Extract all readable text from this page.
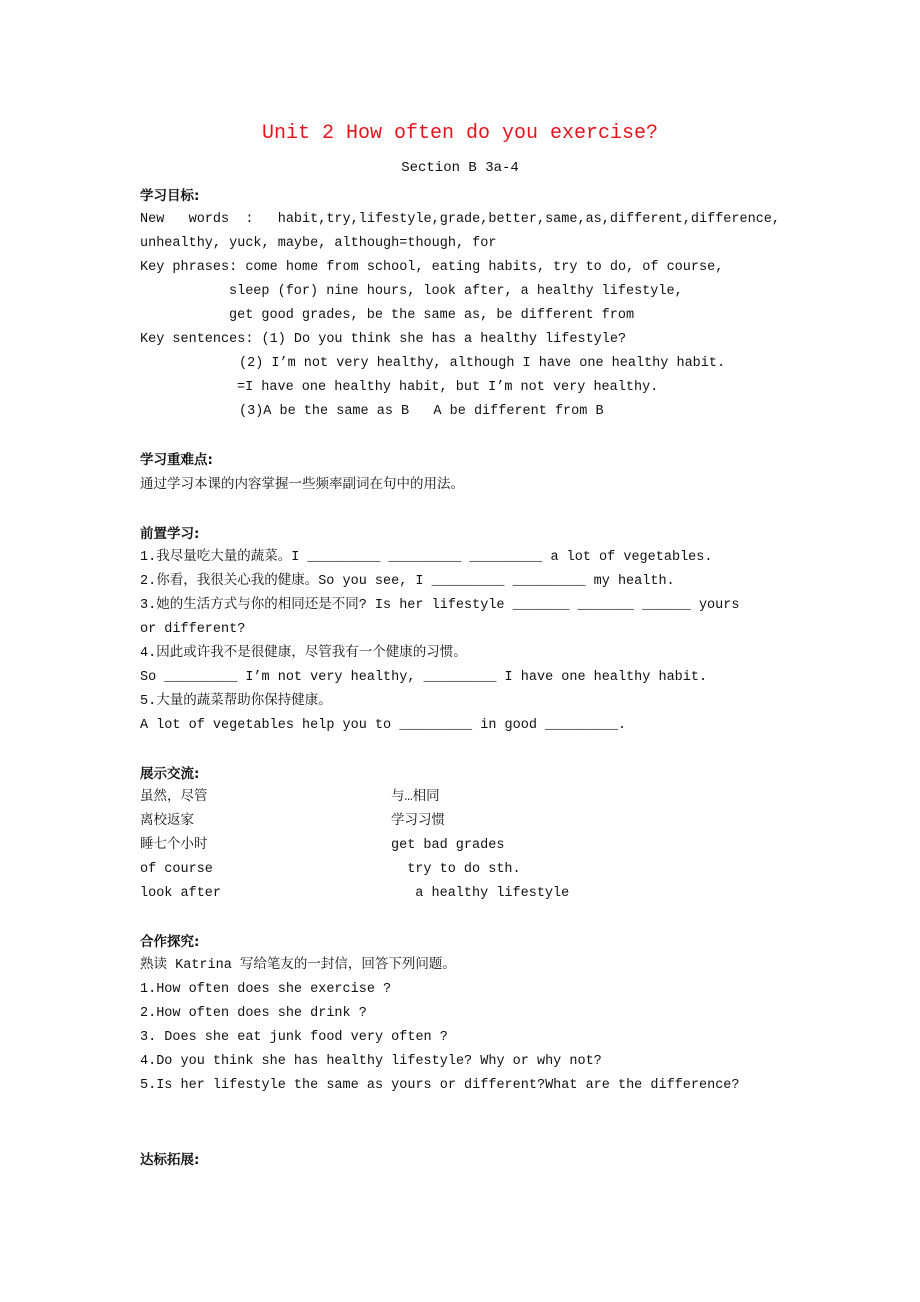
Unit 2 How often do you exercise?
Section B 3a-4
学习目标:
New   words  :   habit,try,lifestyle,grade,better,same,as,different,difference,
unhealthy, yuck, maybe, although=though, for
Key phrases: come home from school, eating habits, try to do, of course,
sleep (for) nine hours, look after, a healthy lifestyle,
get good grades, be the same as, be different from
Key sentences: (1) Do you think she has a healthy lifestyle?
(2) I’m not very healthy, although I have one healthy habit.
=I have one healthy habit, but I’m not very healthy.
(3)A be the same as B   A be different from B
学习重难点:
通过学习本课的内容掌握一些频率副词在句中的用法。
前置学习:
1.我尽量吃大量的蔬菜。I _________ _________ _________ a lot of vegetables.
2.你看，我很关心我的健康。So you see, I _________ _________ my health.
3.她的生活方式与你的相同还是不同? Is her lifestyle _______ _______ ______ yours
or different?
4.因此或许我不是很健康，尽管我有一个健康的习惯。
So _________ I’m not very healthy, _________ I have one healthy habit.
5.大量的蔬菜帮助你保持健康。
A lot of vegetables help you to _________ in good _________.
展示交流:
虽然，尽管	与…相同
离校返家	学习习惯
睡七个小时	get bad grades
of course	try to do sth.
look after	a healthy lifestyle
合作探究:
熟读 Katrina 写给笔友的一封信，回答下列问题。
1.How often does she exercise ?
2.How often does she drink ?
3. Does she eat junk food very often ?
4.Do you think she has healthy lifestyle? Why or why not?
5.Is her lifestyle the same as yours or different?What are the difference?
达标拓展:
